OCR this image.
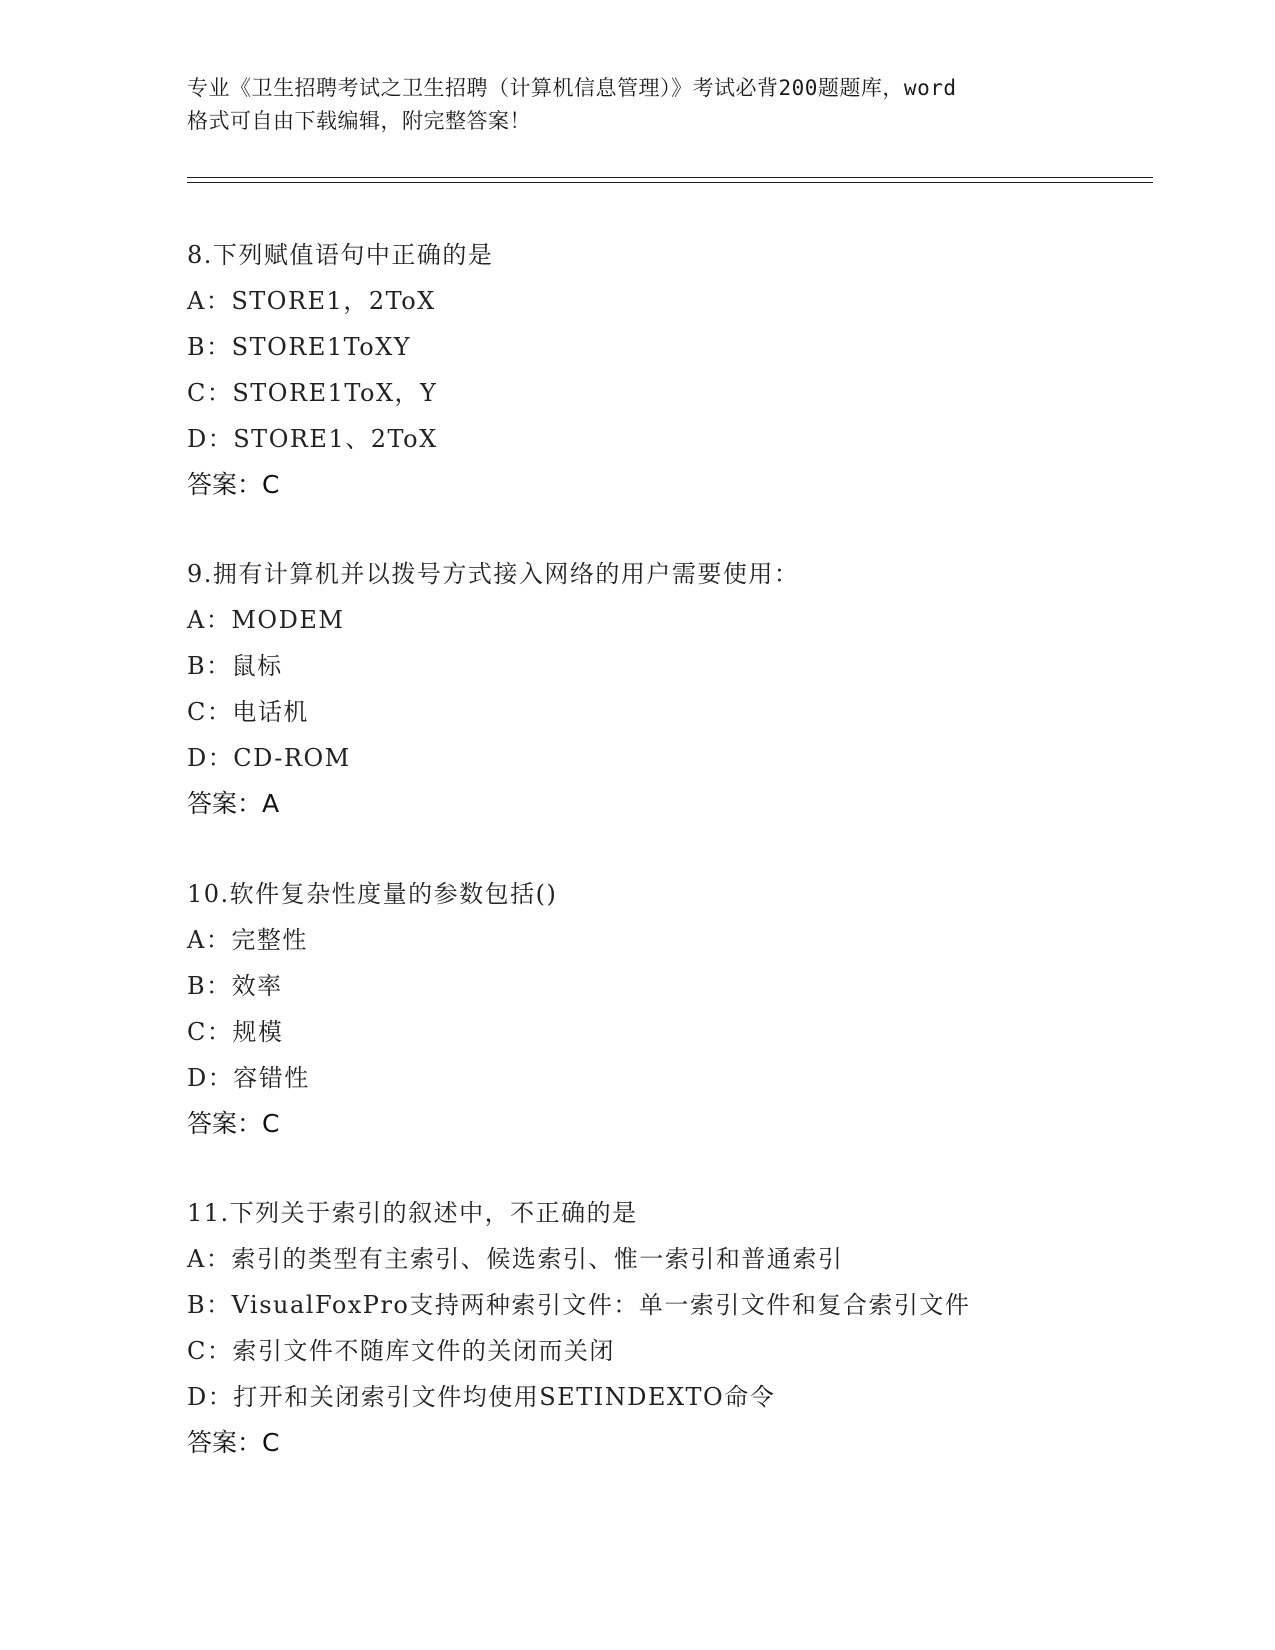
专业《卫生招聘考试之卫生招聘（计算机信息管理）》考试必背200题题库，word
格式可自由下载编辑，附完整答案！
8.下列赋值语句中正确的是
A：STORE1，2ToX
B：STORE1ToXY
C：STORE1ToX，Y
D：STORE1、2ToX
答案：C
9.拥有计算机并以拨号方式接入网络的用户需要使用：
A：MODEM
B：鼠标
C：电话机
D：CD-ROM
答案：A
10.软件复杂性度量的参数包括()
A：完整性
B：效率
C：规模
D：容错性
答案：C
11.下列关于索引的叙述中，不正确的是
A：索引的类型有主索引、候选索引、惟一索引和普通索引
B：VisualFoxPro支持两种索引文件：单一索引文件和复合索引文件
C：索引文件不随库文件的关闭而关闭
D：打开和关闭索引文件均使用SETINDEXTO命令
答案：C
